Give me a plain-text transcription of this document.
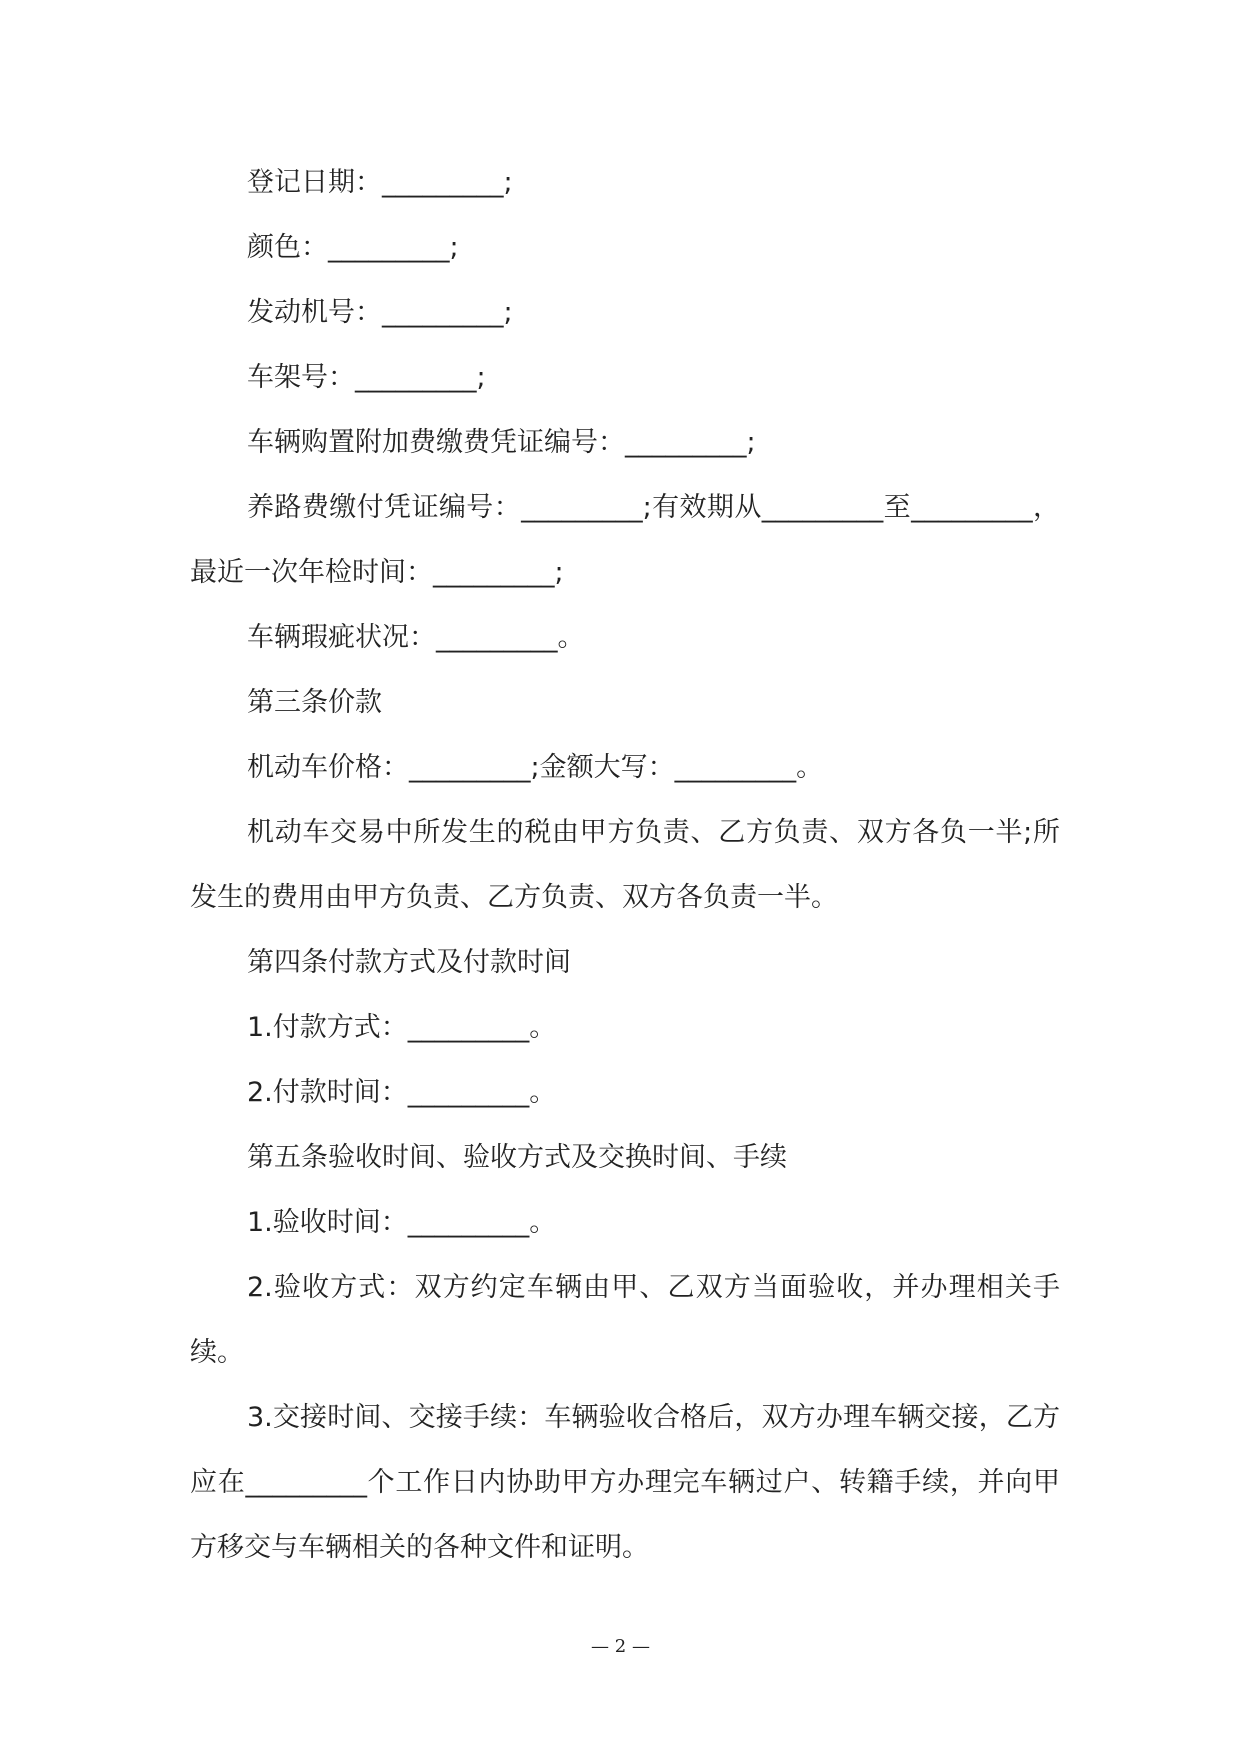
登记日期：_________;

颜色：_________;

发动机号：_________;

车架号：_________;

车辆购置附加费缴费凭证编号：_________;

养路费缴付凭证编号：_________;有效期从_________至_________，最近一次年检时间：_________;

车辆瑕疵状况：_________。

第三条价款

机动车价格：_________;金额大写：_________。

机动车交易中所发生的税由甲方负责、乙方负责、双方各负一半;所发生的费用由甲方负责、乙方负责、双方各负责一半。

第四条付款方式及付款时间

1.付款方式：_________。

2.付款时间：_________。

第五条验收时间、验收方式及交换时间、手续

1.验收时间：_________。

2.验收方式：双方约定车辆由甲、乙双方当面验收，并办理相关手续。

3.交接时间、交接手续：车辆验收合格后，双方办理车辆交接，乙方应在_________个工作日内协助甲方办理完车辆过户、转籍手续，并向甲方移交与车辆相关的各种文件和证明。

— 2 —
